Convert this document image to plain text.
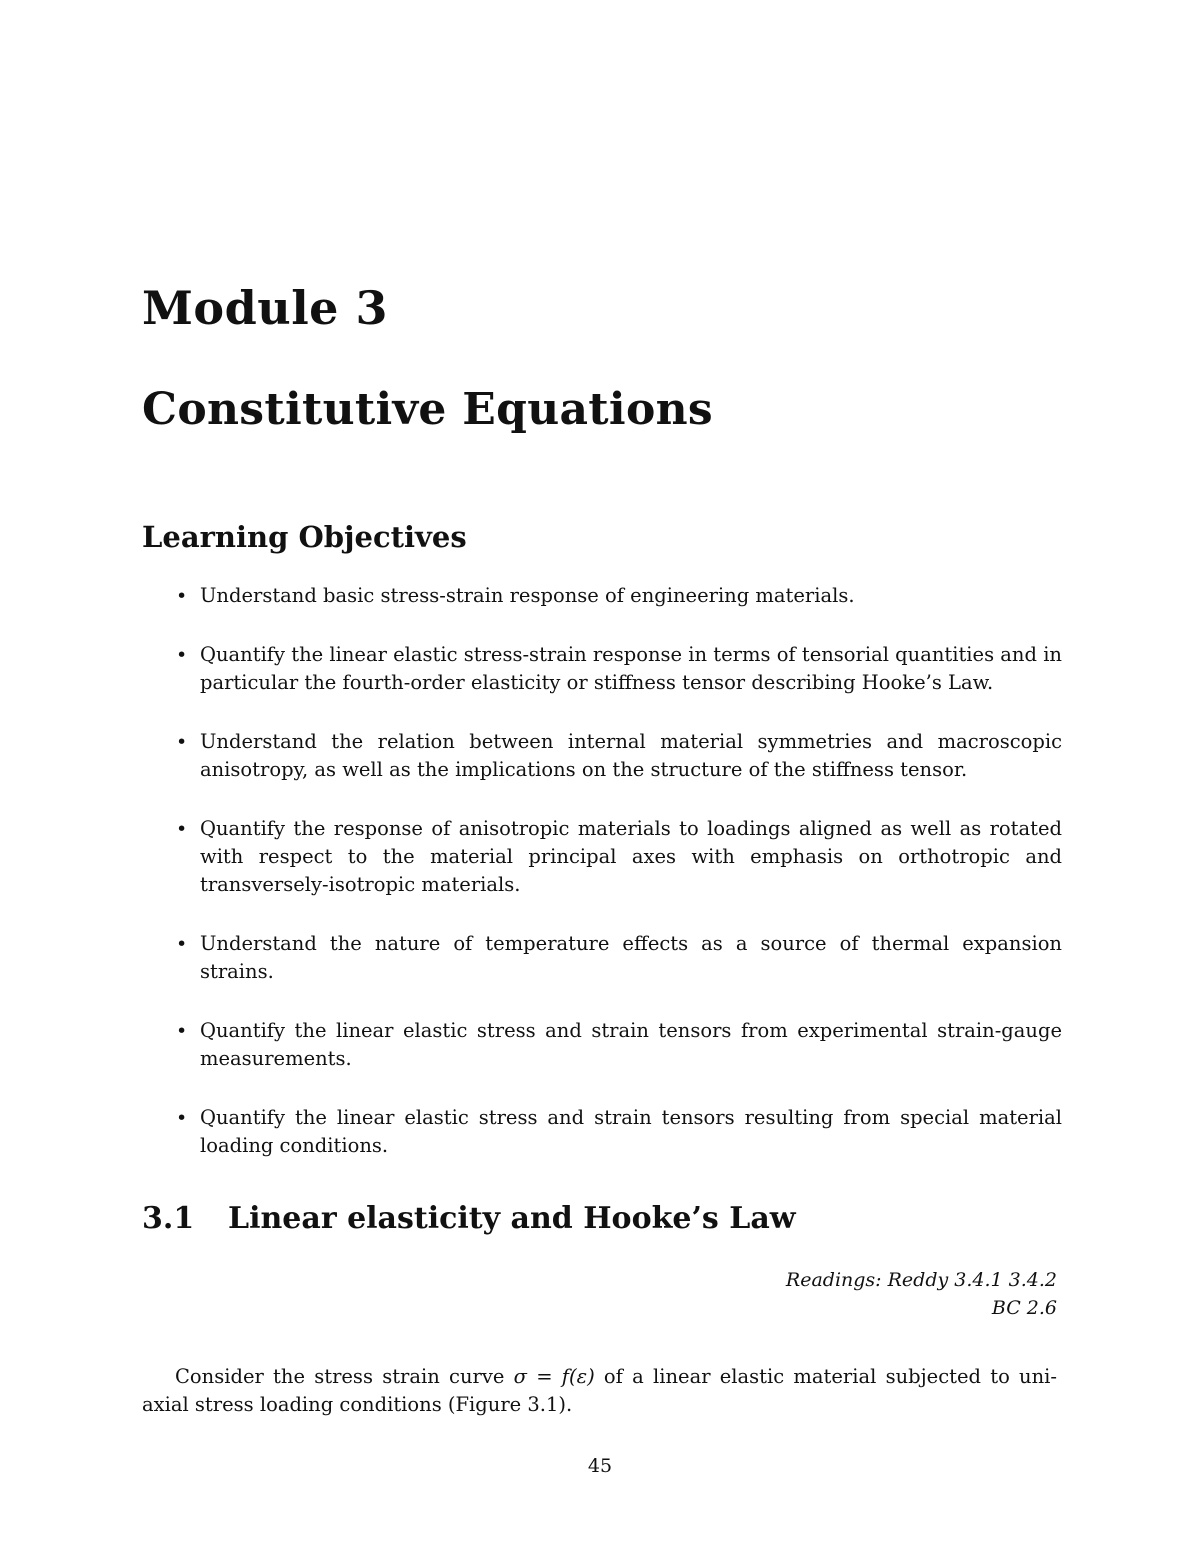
Module 3
Constitutive Equations
Learning Objectives
• Understand basic stress-strain response of engineering materials.
• Quantify the linear elastic stress-strain response in terms of tensorial quantities and in particular the fourth-order elasticity or stiffness tensor describing Hooke’s Law.
• Understand the relation between internal material symmetries and macroscopic anisotropy, as well as the implications on the structure of the stiffness tensor.
• Quantify the response of anisotropic materials to loadings aligned as well as rotated with respect to the material principal axes with emphasis on orthotropic and transversely-isotropic materials.
• Understand the nature of temperature effects as a source of thermal expansion strains.
• Quantify the linear elastic stress and strain tensors from experimental strain-gauge measurements.
• Quantify the linear elastic stress and strain tensors resulting from special material loading conditions.
3.1 Linear elasticity and Hooke’s Law
Readings: Reddy 3.4.1 3.4.2
BC 2.6

Consider the stress strain curve σ = f(ε) of a linear elastic material subjected to uni-axial stress loading conditions (Figure 3.1).

45
